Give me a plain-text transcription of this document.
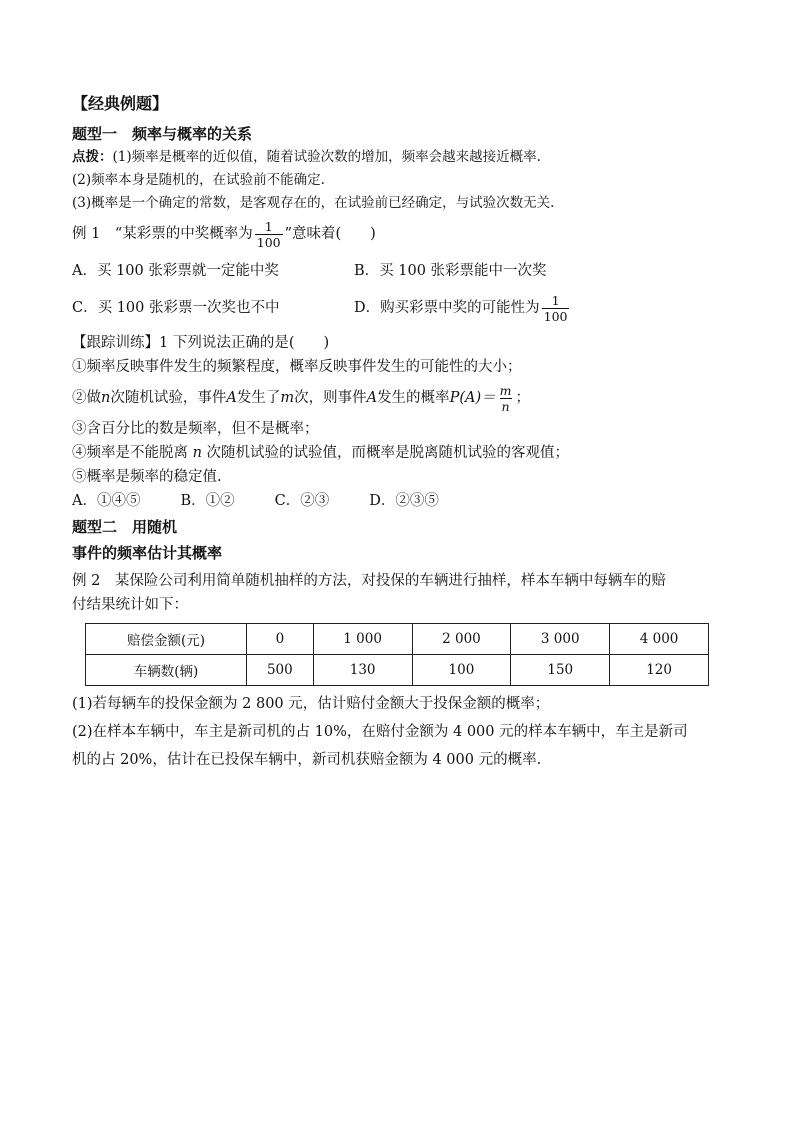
【经典例题】
题型一　频率与概率的关系
点拨：(1)频率是概率的近似值，随着试验次数的增加，频率会越来越接近概率.
(2)频率本身是随机的，在试验前不能确定.
(3)概率是一个确定的常数，是客观存在的，在试验前已经确定，与试验次数无关.
例 1　“某彩票的中奖概率为 $\frac{1}{100}$ ”意味着(　　)
A．买 100 张彩票就一定能中奖	B．买 100 张彩票能中一次奖
C．买 100 张彩票一次奖也不中	D．购买彩票中奖的可能性为 $\frac{1}{100}$
【跟踪训练】1 下列说法正确的是(　　)
①频率反映事件发生的频繁程度，概率反映事件发生的可能性的大小；
②做 n 次随机试验，事件 A 发生了 m 次，则事件 A 发生的概率 $P(A)= \frac{m}{n}$ ；
③含百分比的数是频率，但不是概率；
④频率是不能脱离 n 次随机试验的试验值，而概率是脱离随机试验的客观值；
⑤概率是频率的稳定值.
A．①④⑤	B．①②	C．②③	D．②③⑤
题型二　用随机
事件的频率估计其概率
例 2　某保险公司利用简单随机抽样的方法，对投保的车辆进行抽样，样本车辆中每辆车的赔
付结果统计如下：
赔偿金额(元)	0	1 000	2 000	3 000	4 000
车辆数(辆)	500	130	100	150	120
(1)若每辆车的投保金额为 2 800 元，估计赔付金额大于投保金额的概率；
(2)在样本车辆中，车主是新司机的占 10%，在赔付金额为 4 000 元的样本车辆中，车主是新司
机的占 20%，估计在已投保车辆中，新司机获赔金额为 4 000 元的概率.
